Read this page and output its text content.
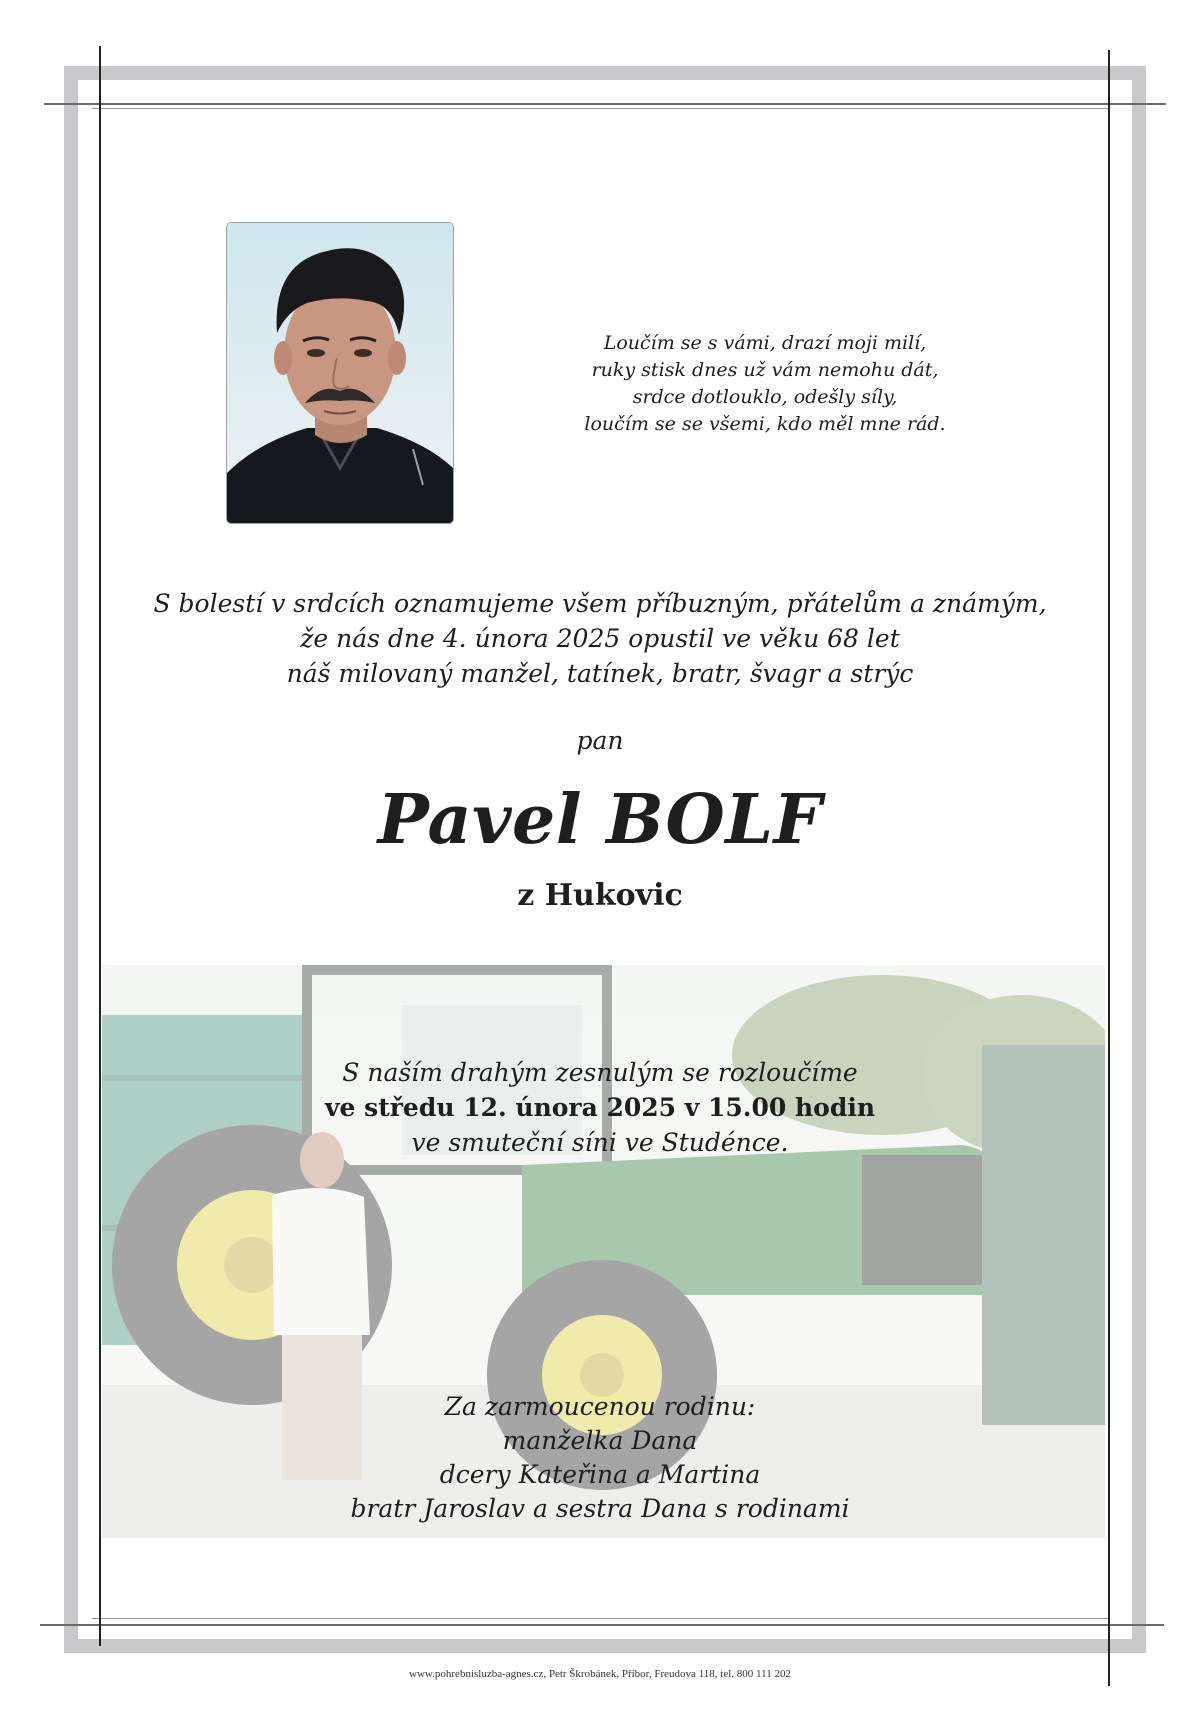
Loučím se s vámi, drazí moji milí,
ruky stisk dnes už vám nemohu dát,
srdce dotlouklo, odešly síly,
loučím se se všemi, kdo měl mne rád.
S bolestí v srdcích oznamujeme všem příbuzným, přátelům a známým,
že nás dne 4. února 2025 opustil ve věku 68 let
náš milovaný manžel, tatínek, bratr, švagr a strýc
pan
Pavel BOLF
z Hukovic
S naším drahým zesnulým se rozloučíme
ve středu 12. února 2025 v 15.00 hodin
ve smuteční síni ve Studénce.
Za zarmoucenou rodinu:
manželka Dana
dcery Kateřina a Martina
bratr Jaroslav a sestra Dana s rodinami
www.pohrebnisluzba-agnes.cz, Petr Škrobánek, Příbor, Freudova 118, tel. 800 111 202
